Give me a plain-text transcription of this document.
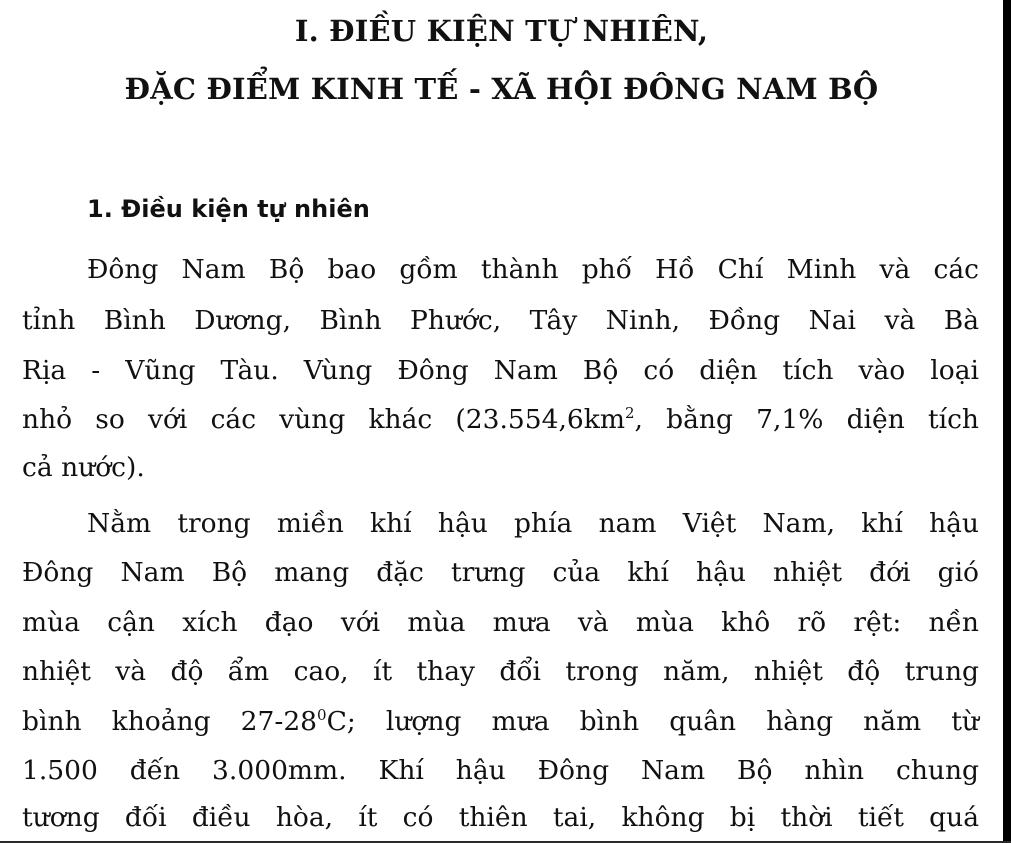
I. ĐIỀU KIỆN TỰ NHIÊN,
ĐẶC ĐIỂM KINH TẾ - XÃ HỘI ĐÔNG NAM BỘ
1. Điều kiện tự nhiên

Đông Nam Bộ bao gồm thành phố Hồ Chí Minh và các

tỉnh Bình Dương, Bình Phước, Tây Ninh, Đồng Nai và Bà

Rịa - Vũng Tàu. Vùng Đông Nam Bộ có diện tích vào loại

nhỏ so với các vùng khác ($23.554,6km^2$, bằng 7,1% diện tích

cả nước).

Nằm trong miền khí hậu phía nam Việt Nam, khí hậu

Đông Nam Bộ mang đặc trưng của khí hậu nhiệt đới gió

mùa cận xích đạo với mùa mưa và mùa khô rõ rệt: nền

nhiệt và độ ẩm cao, ít thay đổi trong năm, nhiệt độ trung

bình khoảng $27-28^0C$; lượng mưa bình quân hàng năm từ

1.500 đến 3.000mm. Khí hậu Đông Nam Bộ nhìn chung

tương đối điều hòa, ít có thiên tai, không bị thời tiết quá
